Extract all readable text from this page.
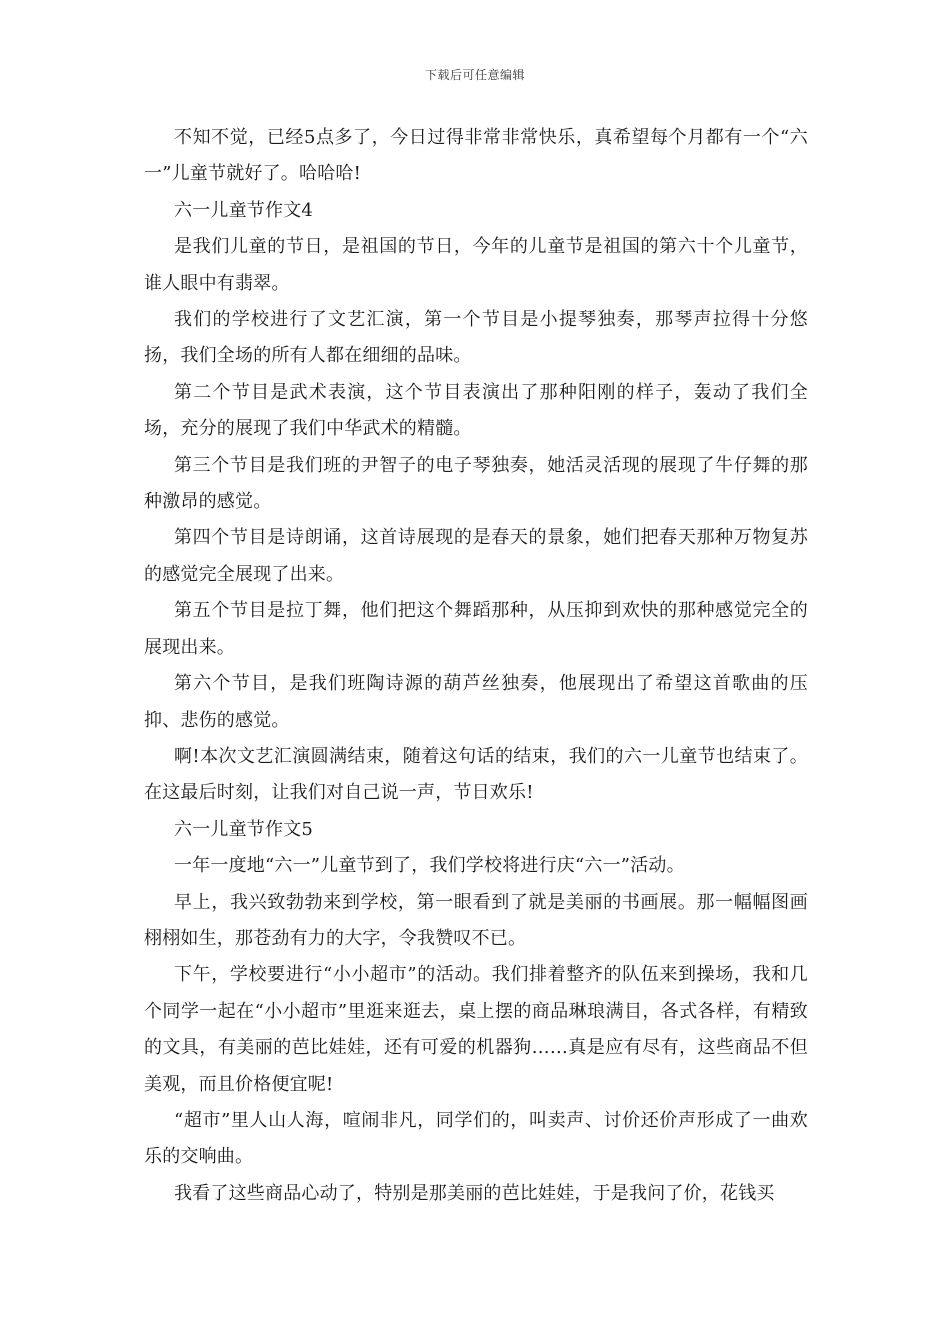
下载后可任意编辑

不知不觉，已经5点多了，今日过得非常非常快乐，真希望每个月都有一个“六一”儿童节就好了。哈哈哈!

六一儿童节作文4

是我们儿童的节日，是祖国的节日，今年的儿童节是祖国的第六十个儿童节，谁人眼中有翡翠。

我们的学校进行了文艺汇演，第一个节目是小提琴独奏，那琴声拉得十分悠扬，我们全场的所有人都在细细的品味。

第二个节目是武术表演，这个节目表演出了那种阳刚的样子，轰动了我们全场，充分的展现了我们中华武术的精髓。

第三个节目是我们班的尹智子的电子琴独奏，她活灵活现的展现了牛仔舞的那种激昂的感觉。

第四个节目是诗朗诵，这首诗展现的是春天的景象，她们把春天那种万物复苏的感觉完全展现了出来。

第五个节目是拉丁舞，他们把这个舞蹈那种，从压抑到欢快的那种感觉完全的展现出来。

第六个节目，是我们班陶诗源的葫芦丝独奏，他展现出了希望这首歌曲的压抑、悲伤的感觉。

啊!本次文艺汇演圆满结束，随着这句话的结束，我们的六一儿童节也结束了。在这最后时刻，让我们对自己说一声，节日欢乐!

六一儿童节作文5

一年一度地“六一”儿童节到了，我们学校将进行庆“六一”活动。

早上，我兴致勃勃来到学校，第一眼看到了就是美丽的书画展。那一幅幅图画栩栩如生，那苍劲有力的大字，令我赞叹不已。

下午，学校要进行“小小超市”的活动。我们排着整齐的队伍来到操场，我和几个同学一起在“小小超市”里逛来逛去，桌上摆的商品琳琅满目，各式各样，有精致的文具，有美丽的芭比娃娃，还有可爱的机器狗……真是应有尽有，这些商品不但美观，而且价格便宜呢!

“超市”里人山人海，喧闹非凡，同学们的，叫卖声、讨价还价声形成了一曲欢乐的交响曲。

我看了这些商品心动了，特别是那美丽的芭比娃娃，于是我问了价，花钱买
